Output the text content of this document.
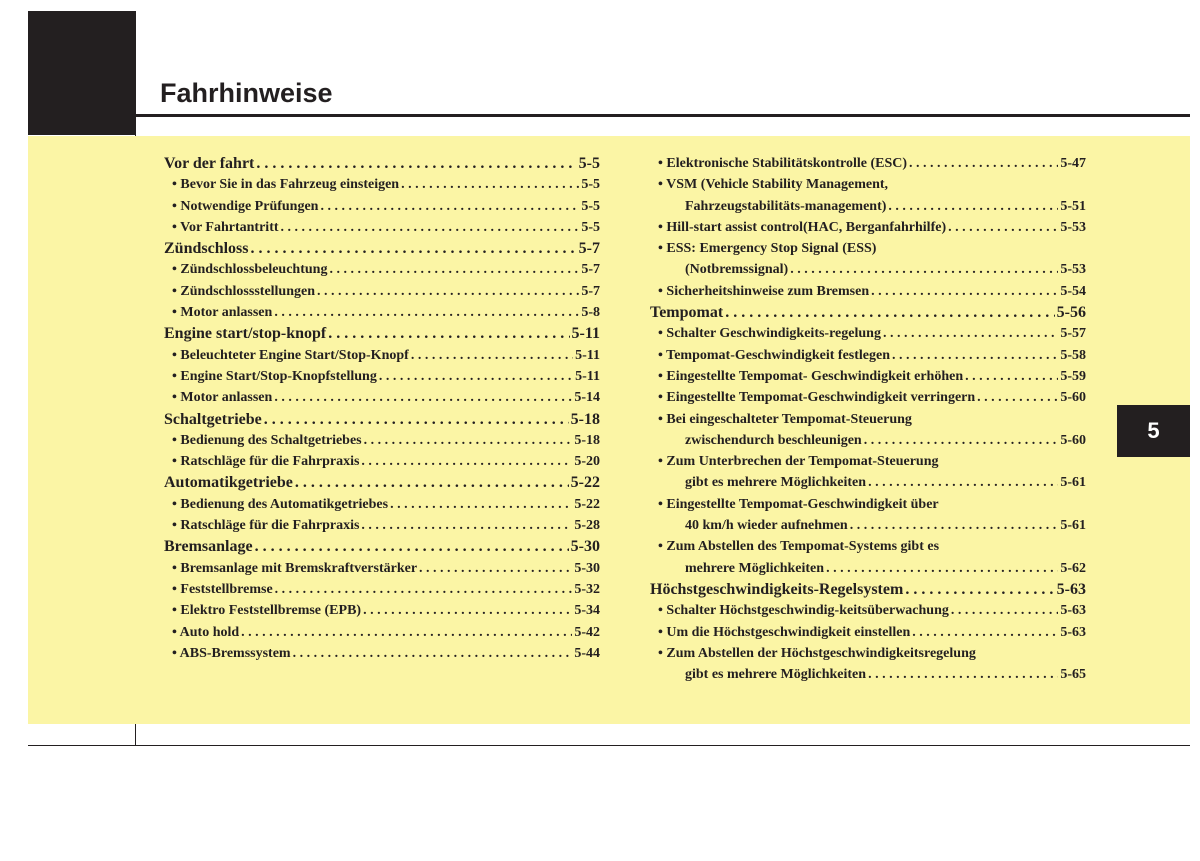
Fahrhinweise
5
Vor der fahrt . . .	5-5
• Bevor Sie in das Fahrzeug einsteigen . . .	5-5
• Notwendige Prüfungen . . .	5-5
• Vor Fahrtantritt . . .	5-5
Zündschloss . . .	5-7
• Zündschlossbeleuchtung . . .	5-7
• Zündschlossstellungen . . .	5-7
• Motor anlassen . . .	5-8
Engine start/stop-knopf . . .	5-11
• Beleuchteter Engine Start/Stop-Knopf . . .	5-11
• Engine Start/Stop-Knopfstellung . . .	5-11
• Motor anlassen . . .	5-14
Schaltgetriebe . . .	5-18
• Bedienung des Schaltgetriebes . . .	5-18
• Ratschläge für die Fahrpraxis . . .	5-20
Automatikgetriebe . . .	5-22
• Bedienung des Automatikgetriebes . . .	5-22
• Ratschläge für die Fahrpraxis . . .	5-28
Bremsanlage . . .	5-30
• Bremsanlage mit Bremskraftverstärker . . .	5-30
• Feststellbremse . . .	5-32
• Elektro Feststellbremse (EPB) . . .	5-34
• Auto hold . . .	5-42
• ABS-Bremssystem . . .	5-44
• Elektronische Stabilitätskontrolle (ESC) . . .	5-47
• VSM (Vehicle Stability Management,
Fahrzeugstabilitäts-management) . . .	5-51
• Hill-start assist control(HAC, Berganfahrhilfe) . . .	5-53
• ESS: Emergency Stop Signal (ESS)
(Notbremssignal) . . .	5-53
• Sicherheitshinweise zum Bremsen . . .	5-54
Tempomat . . .	5-56
• Schalter Geschwindigkeits-regelung . . .	5-57
• Tempomat-Geschwindigkeit festlegen . . .	5-58
• Eingestellte Tempomat- Geschwindigkeit erhöhen . . .	5-59
• Eingestellte Tempomat-Geschwindigkeit verringern . . .	5-60
• Bei eingeschalteter Tempomat-Steuerung
zwischendurch beschleunigen . . .	5-60
• Zum Unterbrechen der Tempomat-Steuerung
gibt es mehrere Möglichkeiten . . .	5-61
• Eingestellte Tempomat-Geschwindigkeit über
40 km/h wieder aufnehmen . . .	5-61
• Zum Abstellen des Tempomat-Systems gibt es
mehrere Möglichkeiten . . .	5-62
Höchstgeschwindigkeits-Regelsystem . . .	5-63
• Schalter Höchstgeschwindig-keitsüberwachung . . .	5-63
• Um die Höchstgeschwindigkeit einstellen . . .	5-63
• Zum Abstellen der Höchstgeschwindigkeitsregelung
gibt es mehrere Möglichkeiten . . .	5-65
